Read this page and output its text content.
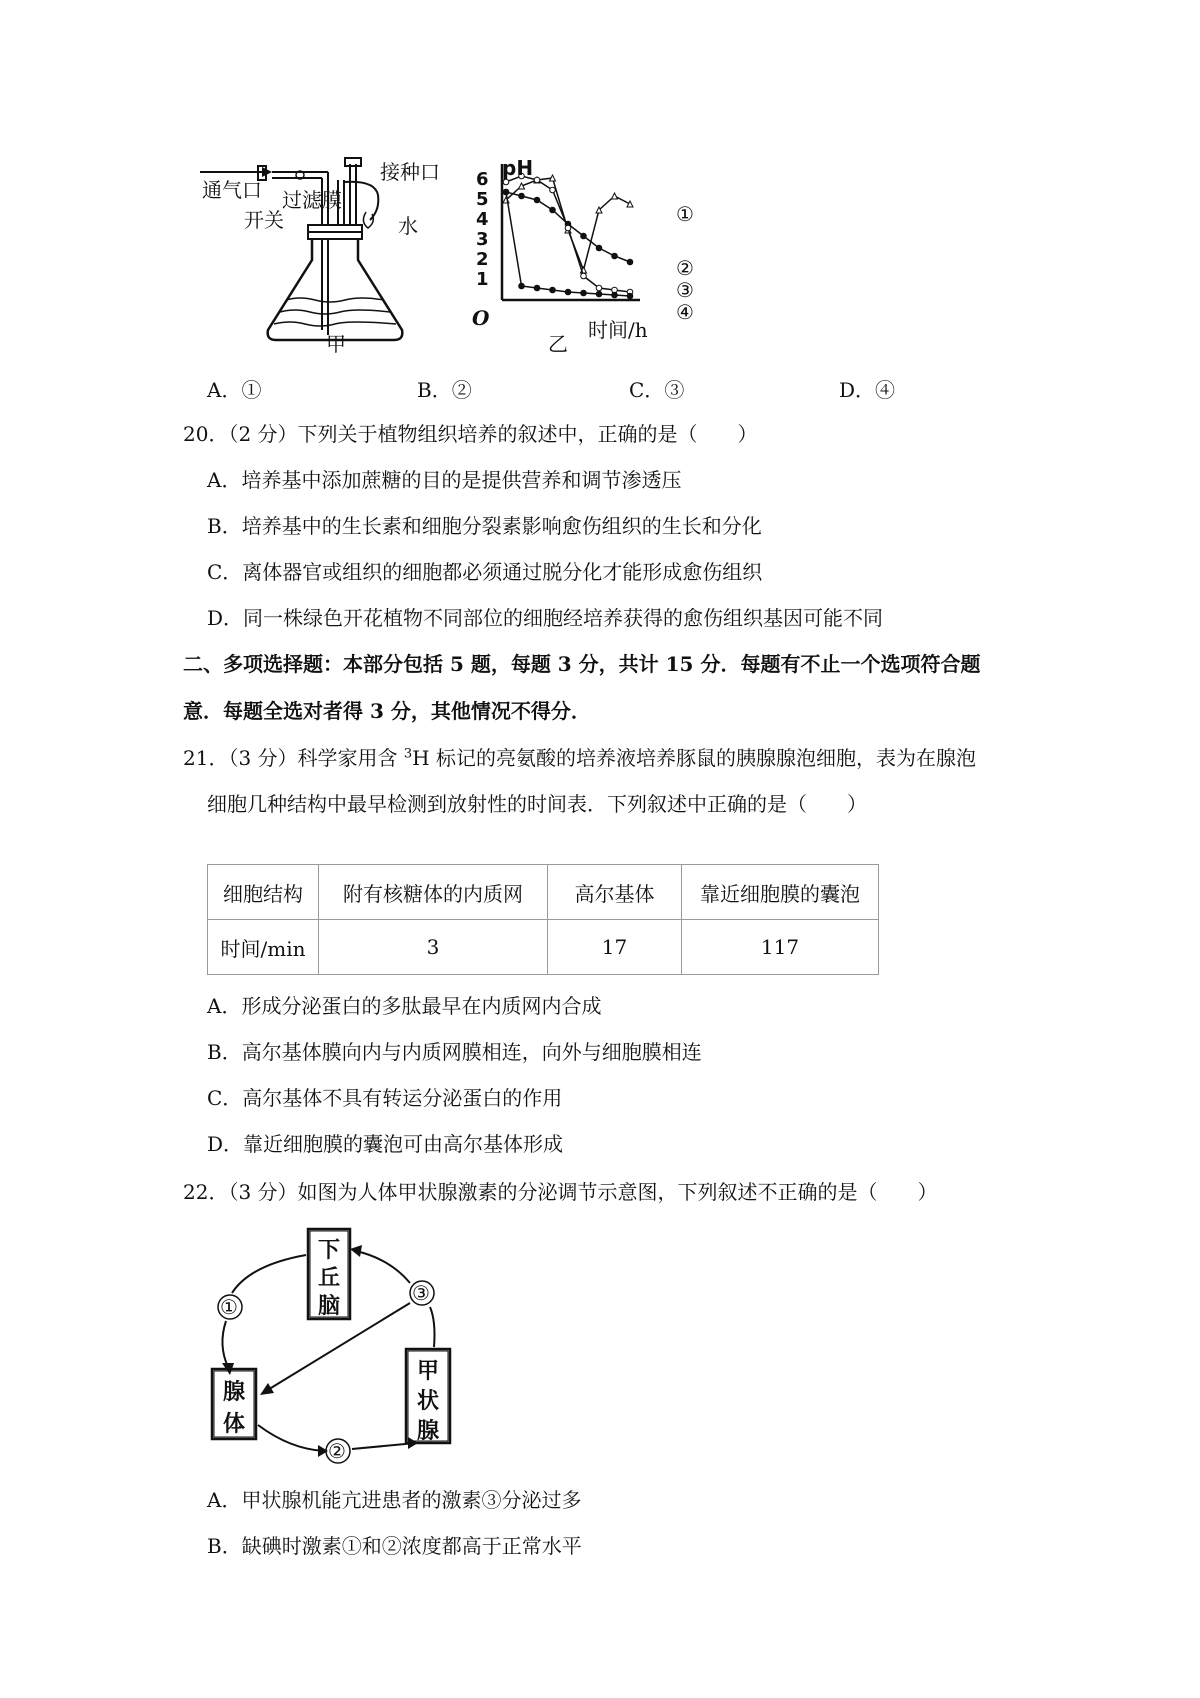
通气口
开关
过滤膜
接种口
水
甲
pH
O	时间/h
乙
1
2
3
4
5
6
①
②
③
④
A．①	B．②	C．③	D．④
20．（2 分）下列关于植物组织培养的叙述中，正确的是（　　）
A．培养基中添加蔗糖的目的是提供营养和调节渗透压
B．培养基中的生长素和细胞分裂素影响愈伤组织的生长和分化
C．离体器官或组织的细胞都必须通过脱分化才能形成愈伤组织
D．同一株绿色开花植物不同部位的细胞经培养获得的愈伤组织基因可能不同
二、多项选择题：本部分包括 5 题，每题 3 分，共计 15 分．每题有不止一个选项符合题
意．每题全选对者得 3 分，其他情况不得分．
21．（3 分）科学家用含 $^3$H 标记的亮氨酸的培养液培养豚鼠的胰腺腺泡细胞，表为在腺泡
细胞几种结构中最早检测到放射性的时间表．下列叙述中正确的是（　　）
细胞结构	附有核糖体的内质网	高尔基体	靠近细胞膜的囊泡
时间/min	3	17	117
A．形成分泌蛋白的多肽最早在内质网内合成
B．高尔基体膜向内与内质网膜相连，向外与细胞膜相连
C．高尔基体不具有转运分泌蛋白的作用
D．靠近细胞膜的囊泡可由高尔基体形成
22．（3 分）如图为人体甲状腺激素的分泌调节示意图，下列叙述不正确的是（　　）
下
丘
脑
腺
体
甲
状
腺
①
②
③
A．甲状腺机能亢进患者的激素③分泌过多
B．缺碘时激素①和②浓度都高于正常水平
